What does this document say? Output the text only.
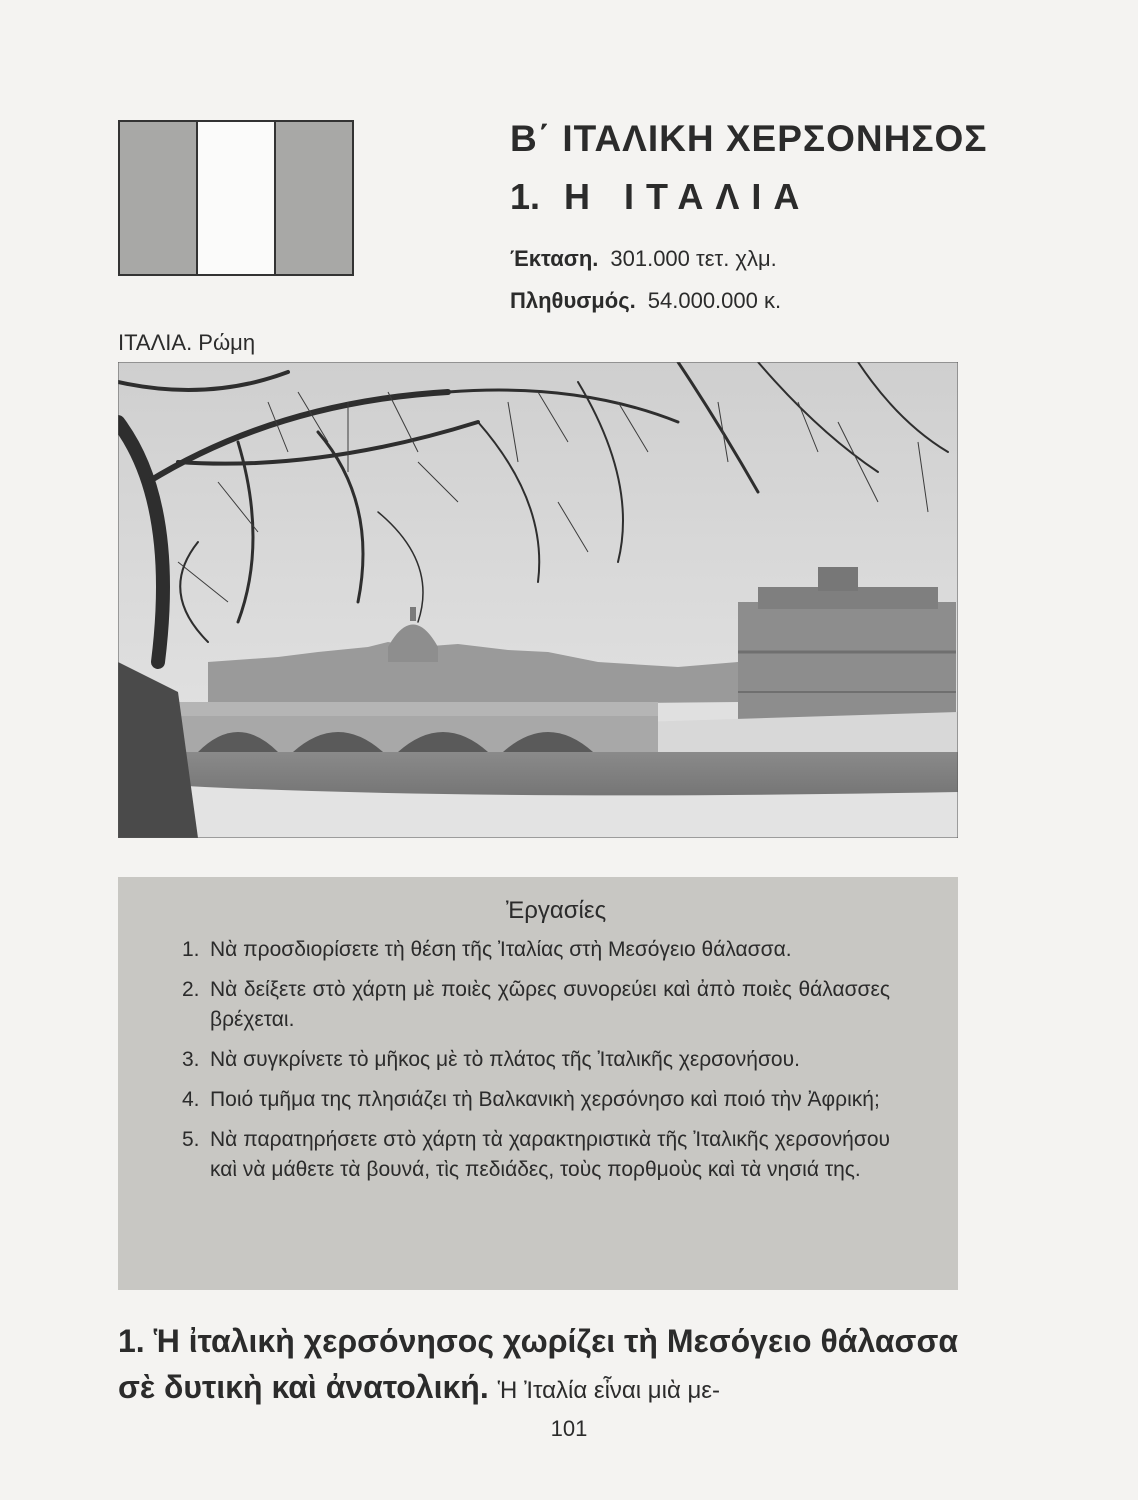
ΙΤΑΛΙΑ. Ρώμη
Β΄ ΙΤΑΛΙΚΗ ΧΕΡΣΟΝΗΣΟΣ
1. Η ΙΤΑΛΙΑ
Έκταση. 301.000 τετ. χλμ.
Πληθυσμός. 54.000.000 κ.
Ἐργασίες
1. Νὰ προσδιορίσετε τὴ θέση τῆς Ἰταλίας στὴ Μεσόγειο θάλασσα.
2. Νὰ δείξετε στὸ χάρτη μὲ ποιὲς χῶρες συνορεύει καὶ ἀπὸ ποιὲς θάλασσες βρέχεται.
3. Νὰ συγκρίνετε τὸ μῆκος μὲ τὸ πλάτος τῆς Ἰταλικῆς χερσονήσου.
4. Ποιό τμῆμα της πλησιάζει τὴ Βαλκανικὴ χερσόνησο καὶ ποιό τὴν Ἀφρική;
5. Νὰ παρατηρήσετε στὸ χάρτη τὰ χαρακτηριστικὰ τῆς Ἰταλικῆς χερσονήσου καὶ νὰ μάθετε τὰ βουνά, τὶς πεδιάδες, τοὺς πορθμοὺς καὶ τὰ νησιά της.
1. Ἡ ἰταλικὴ χερσόνησος χωρίζει τὴ Μεσόγειο θάλασσα σὲ δυτικὴ καὶ ἀνατολική. Ἡ Ἰταλία εἶναι μιὰ με-
101
